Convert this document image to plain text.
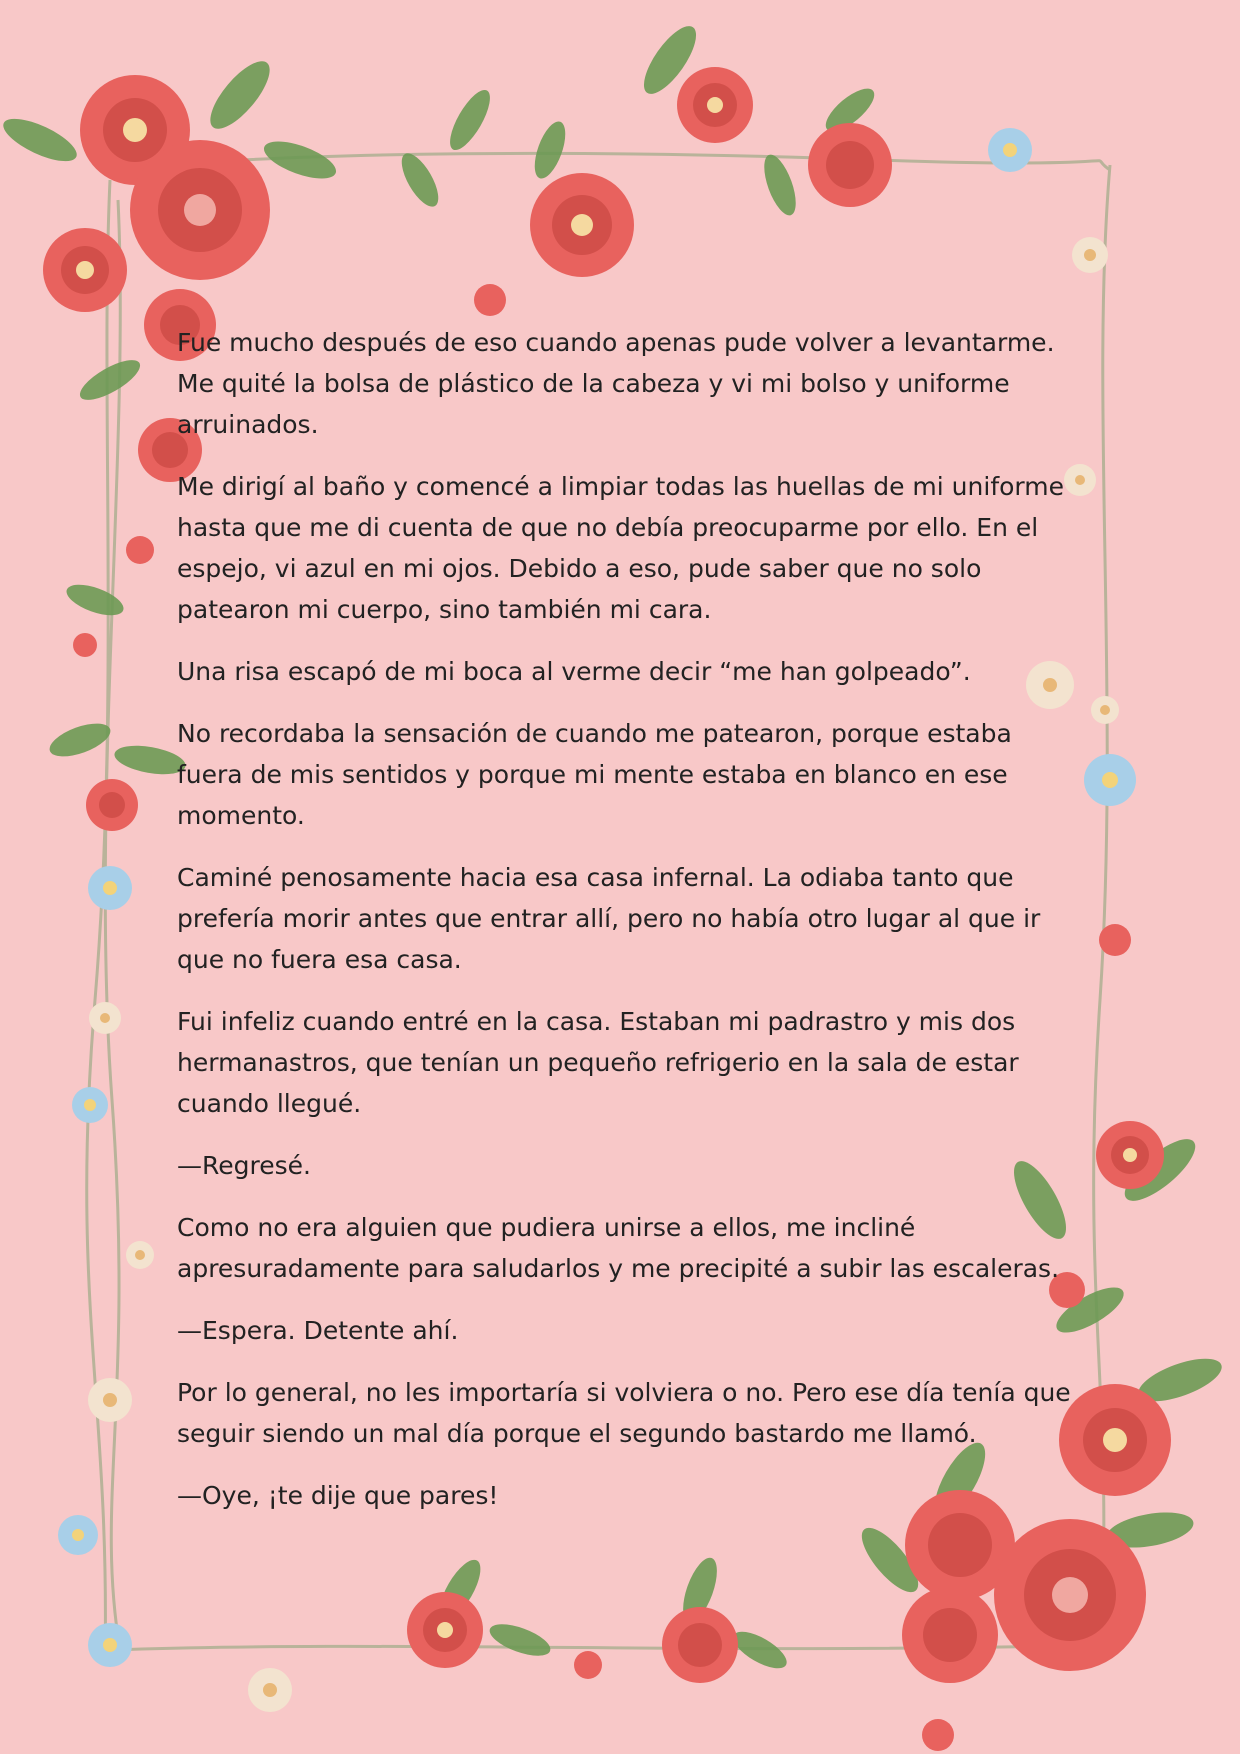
Fue mucho después de eso cuando apenas pude volver a levantarme. Me quité la bolsa de plástico de la cabeza y vi mi bolso y uniforme arruinados.

Me dirigí al baño y comencé a limpiar todas las huellas de mi uniforme hasta que me di cuenta de que no debía preocuparme por ello. En el espejo, vi azul en mi ojos. Debido a eso, pude saber que no solo patearon mi cuerpo, sino también mi cara.

Una risa escapó de mi boca al verme decir “me han golpeado”.

No recordaba la sensación de cuando me patearon, porque estaba fuera de mis sentidos y porque mi mente estaba en blanco en ese momento.

Caminé penosamente hacia esa casa infernal. La odiaba tanto que prefería morir antes que entrar allí, pero no había otro lugar al que ir que no fuera esa casa.

Fui infeliz cuando entré en la casa. Estaban mi padrastro y mis dos hermanastros, que tenían un pequeño refrigerio en la sala de estar cuando llegué.

—Regresé.

Como no era alguien que pudiera unirse a ellos, me incliné apresuradamente para saludarlos y me precipité a subir las escaleras.

—Espera. Detente ahí.

Por lo general, no les importaría si volviera o no. Pero ese día tenía que seguir siendo un mal día porque el segundo bastardo me llamó.

—Oye, ¡te dije que pares!
